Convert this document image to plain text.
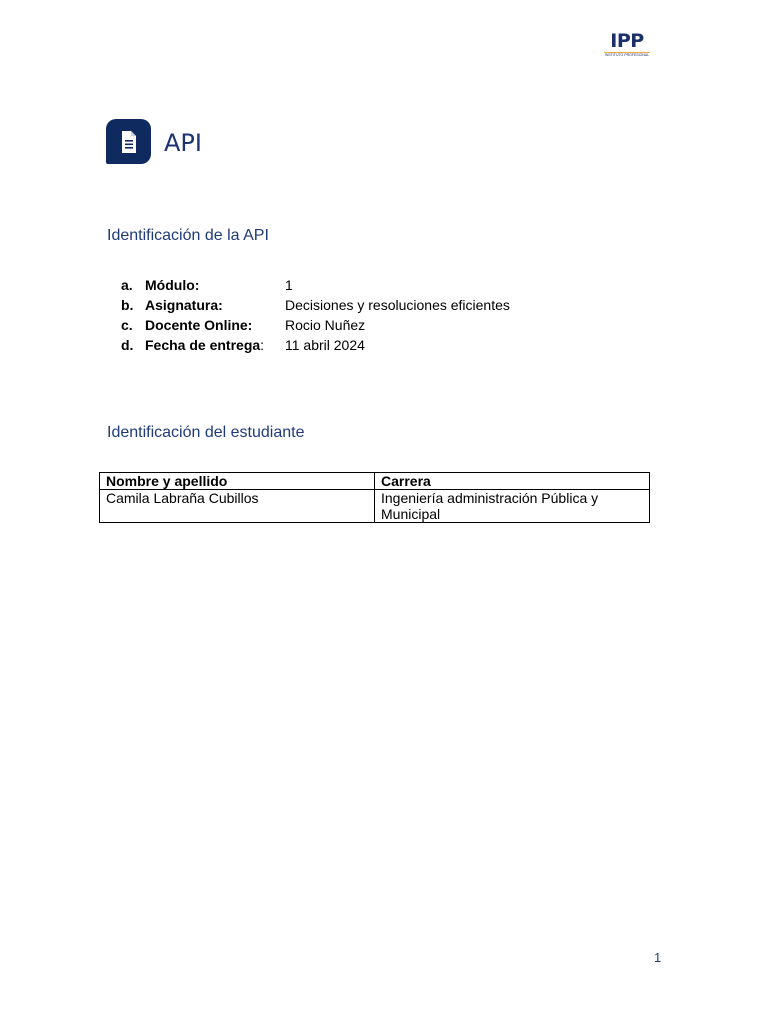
IPP
INSTITUTO PROFESIONAL
API
Identificación de la API
a. Módulo:	1
b. Asignatura:	Decisiones y resoluciones eficientes
c. Docente Online: Rocio Nuñez
d. Fecha de entrega: 11 abril 2024
Identificación del estudiante
Nombre y apellido	Carrera
Camila Labraña Cubillos	Ingeniería administración Pública y Municipal
1
